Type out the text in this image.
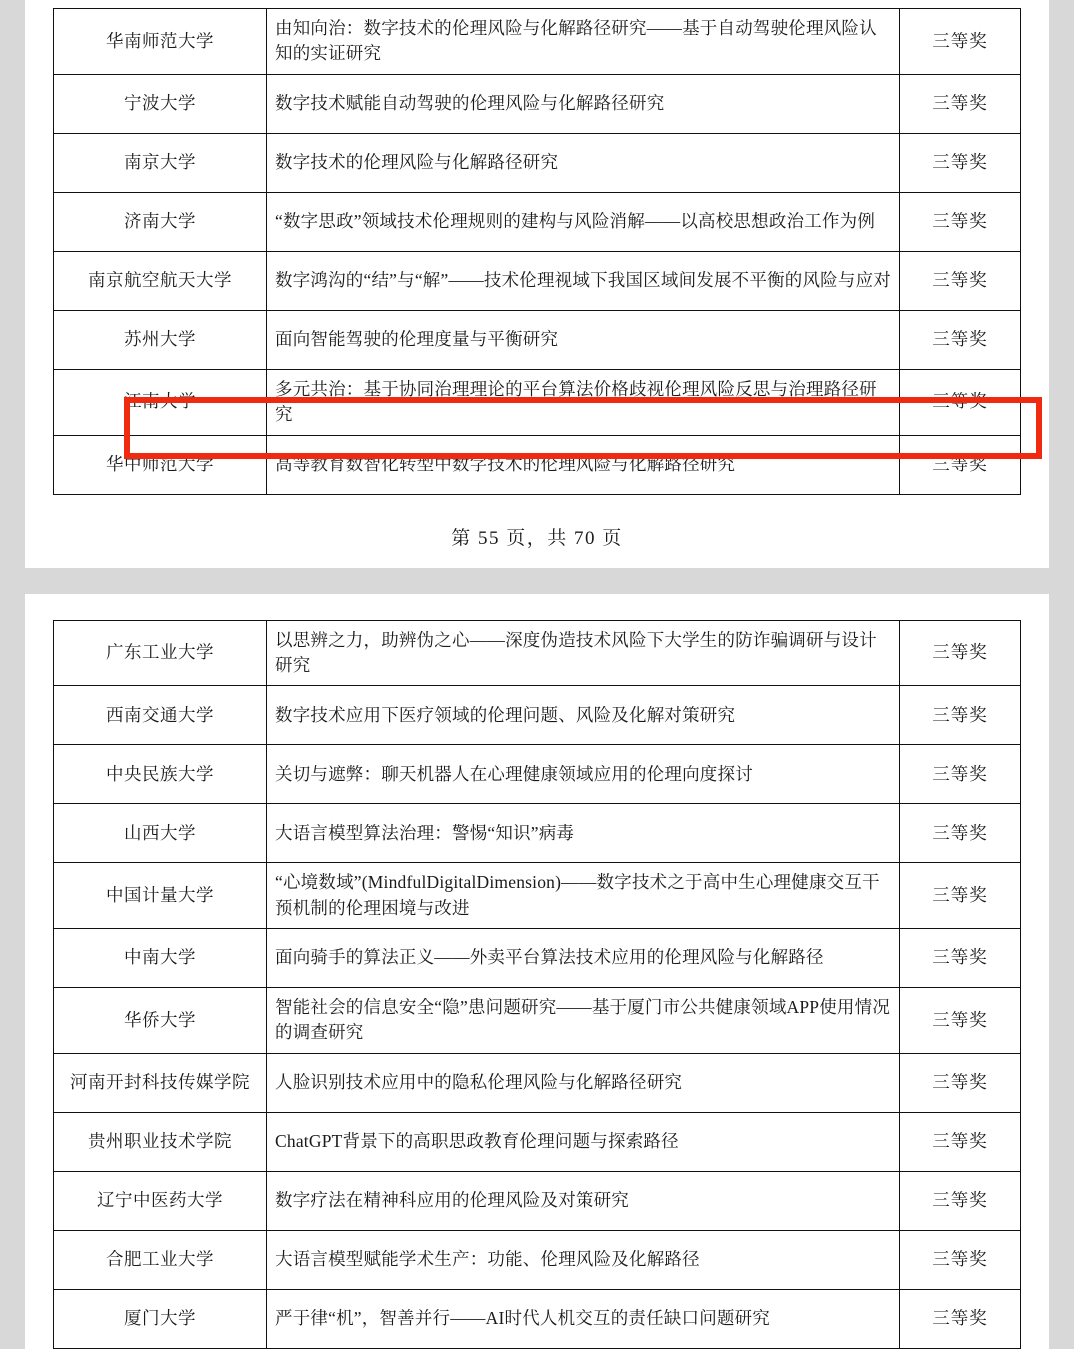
华南师范大学	由知向治：数字技术的伦理风险与化解路径研究——基于自动驾驶伦理风险认知的实证研究	三等奖
宁波大学	数字技术赋能自动驾驶的伦理风险与化解路径研究	三等奖
南京大学	数字技术的伦理风险与化解路径研究	三等奖
济南大学	“数字思政”领域技术伦理规则的建构与风险消解——以高校思想政治工作为例	三等奖
南京航空航天大学	数字鸿沟的“结”与“解”——技术伦理视域下我国区域间发展不平衡的风险与应对	三等奖
苏州大学	面向智能驾驶的伦理度量与平衡研究	三等奖
江南大学	多元共治：基于协同治理理论的平台算法价格歧视伦理风险反思与治理路径研究	三等奖
华中师范大学	高等教育数智化转型中数字技术的伦理风险与化解路径研究	三等奖
第 55 页，共 70 页
广东工业大学	以思辨之力，助辨伪之心——深度伪造技术风险下大学生的防诈骗调研与设计研究	三等奖
西南交通大学	数字技术应用下医疗领域的伦理问题、风险及化解对策研究	三等奖
中央民族大学	关切与遮弊：聊天机器人在心理健康领域应用的伦理向度探讨	三等奖
山西大学	大语言模型算法治理：警惕“知识”病毒	三等奖
中国计量大学	“心境数域”(MindfulDigitalDimension)——数字技术之于高中生心理健康交互干预机制的伦理困境与改进	三等奖
中南大学	面向骑手的算法正义——外卖平台算法技术应用的伦理风险与化解路径	三等奖
华侨大学	智能社会的信息安全“隐”患问题研究——基于厦门市公共健康领域APP使用情况的调查研究	三等奖
河南开封科技传媒学院	人脸识别技术应用中的隐私伦理风险与化解路径研究	三等奖
贵州职业技术学院	ChatGPT背景下的高职思政教育伦理问题与探索路径	三等奖
辽宁中医药大学	数字疗法在精神科应用的伦理风险及对策研究	三等奖
合肥工业大学	大语言模型赋能学术生产：功能、伦理风险及化解路径	三等奖
厦门大学	严于律“机”，智善并行——AI时代人机交互的责任缺口问题研究	三等奖
